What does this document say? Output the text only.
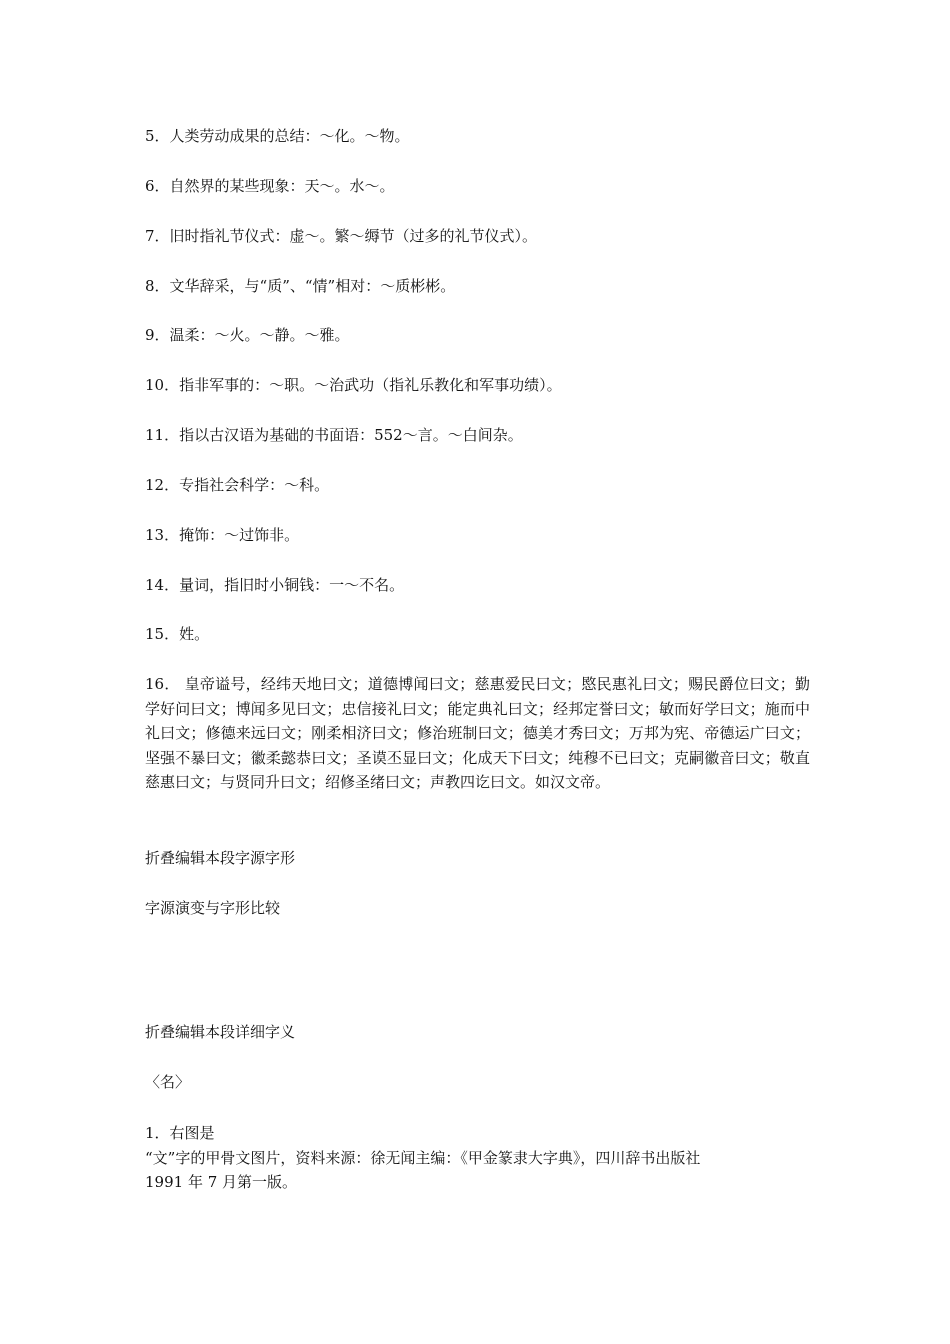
5．人类劳动成果的总结：～化。～物。
6．自然界的某些现象：天～。水～。
7．旧时指礼节仪式：虚～。繁～缛节（过多的礼节仪式）。
8．文华辞采，与“质”、“情”相对：～质彬彬。
9．温柔：～火。～静。～雅。
10．指非军事的：～职。～治武功（指礼乐教化和军事功绩）。
11．指以古汉语为基础的书面语：552～言。～白间杂。
12．专指社会科学：～科。
13．掩饰：～过饰非。
14．量词，指旧时小铜钱：一～不名。
15．姓。
16． 皇帝谥号，经纬天地曰文；道德博闻曰文；慈惠爱民曰文；愍民惠礼曰文；赐民爵位曰文；勤学好问曰文；博闻多见曰文；忠信接礼曰文；能定典礼曰文；经邦定誉曰文；敏而好学曰文；施而中礼曰文；修德来远曰文；刚柔相济曰文；修治班制曰文；德美才秀曰文；万邦为宪、帝德运广曰文；坚强不暴曰文；徽柔懿恭曰文；圣谟丕显曰文；化成天下曰文；纯穆不已曰文；克嗣徽音曰文；敬直慈惠曰文；与贤同升曰文；绍修圣绪曰文；声教四讫曰文。如汉文帝。
折叠编辑本段字源字形
字源演变与字形比较
折叠编辑本段详细字义
〈名〉
1．右图是
“文”字的甲骨文图片，资料来源：徐无闻主编：《甲金篆隶大字典》，四川辞书出版社
1991 年 7 月第一版。
